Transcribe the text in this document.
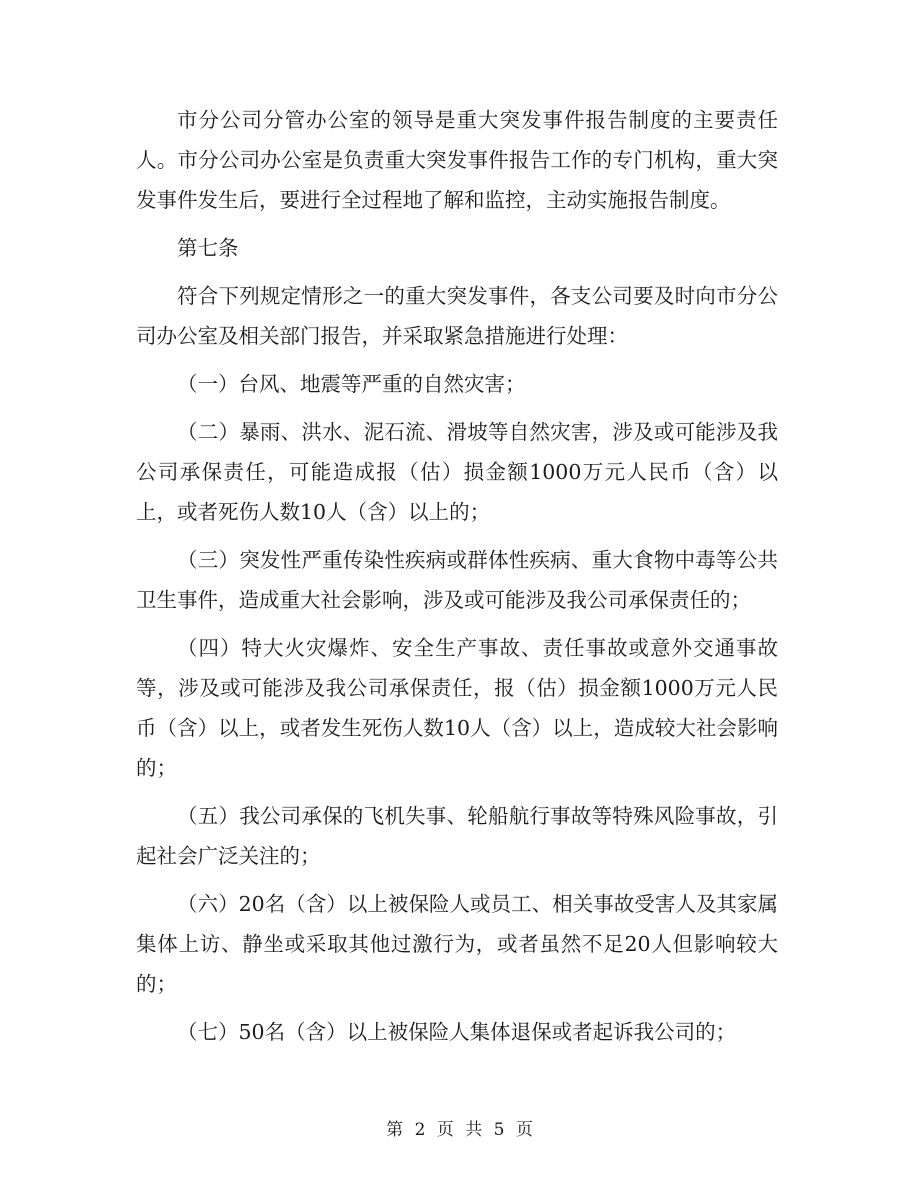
市分公司分管办公室的领导是重大突发事件报告制度的主要责任人。市分公司办公室是负责重大突发事件报告工作的专门机构，重大突发事件发生后，要进行全过程地了解和监控，主动实施报告制度。

第七条

符合下列规定情形之一的重大突发事件，各支公司要及时向市分公司办公室及相关部门报告，并采取紧急措施进行处理：

（一）台风、地震等严重的自然灾害；

（二）暴雨、洪水、泥石流、滑坡等自然灾害，涉及或可能涉及我公司承保责任，可能造成报（估）损金额1000万元人民币（含）以上，或者死伤人数10人（含）以上的；

（三）突发性严重传染性疾病或群体性疾病、重大食物中毒等公共卫生事件，造成重大社会影响，涉及或可能涉及我公司承保责任的；

（四）特大火灾爆炸、安全生产事故、责任事故或意外交通事故等，涉及或可能涉及我公司承保责任，报（估）损金额1000万元人民币（含）以上，或者发生死伤人数10人（含）以上，造成较大社会影响的；

（五）我公司承保的飞机失事、轮船航行事故等特殊风险事故，引起社会广泛关注的；

（六）20名（含）以上被保险人或员工、相关事故受害人及其家属集体上访、静坐或采取其他过激行为，或者虽然不足20人但影响较大的；

（七）50名（含）以上被保险人集体退保或者起诉我公司的；

第 2 页 共 5 页
